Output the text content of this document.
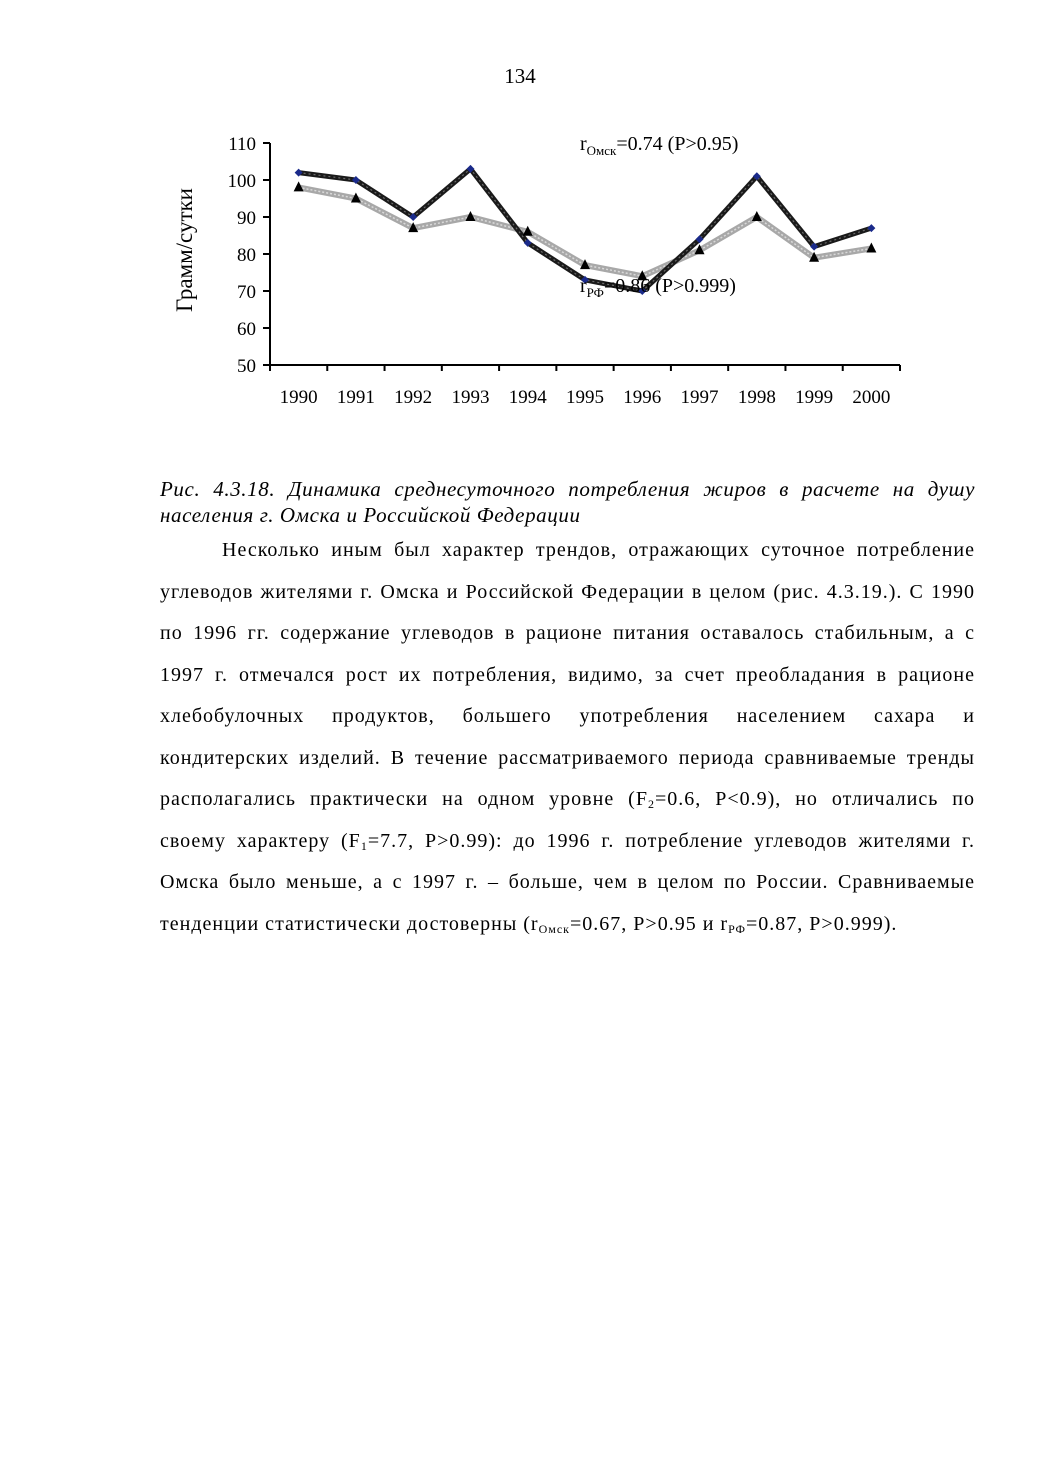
134
50
60
70
80
90
100
110
1990 1991 1992 1993 1994 1995 1996 1997 1998 1999 2000
Грамм/сутки
$r_{Омск}=0.74$ (P>0.95)
$r_{РФ}=0.86$ (P>0.999)
Рис. 4.3.18. Динамика среднесуточного потребления жиров в расчете на душу населения г. Омска и Российской Федерации

Несколько иным был характер трендов, отражающих суточное потребление углеводов жителями г. Омска и Российской Федерации в целом (рис. 4.3.19.). С 1990 по 1996 гг. содержание углеводов в рационе питания оставалось стабильным, а с 1997 г. отмечался рост их потребления, видимо, за счет преобладания в рационе хлебобулочных продуктов, большего употребления населением сахара и кондитерских изделий. В течение рассматриваемого периода сравниваемые тренды располагались практически на одном уровне ($F_2=0.6$, P<0.9), но отличались по своему характеру ($F_1=7.7$, P>0.99): до 1996 г. потребление углеводов жителями г. Омска было меньше, а с 1997 г. – больше, чем в целом по России. Сравниваемые тенденции статистически достоверны ($r_{Омск}=0.67$, P>0.95 и $r_{РФ}=0.87$, P>0.999).
